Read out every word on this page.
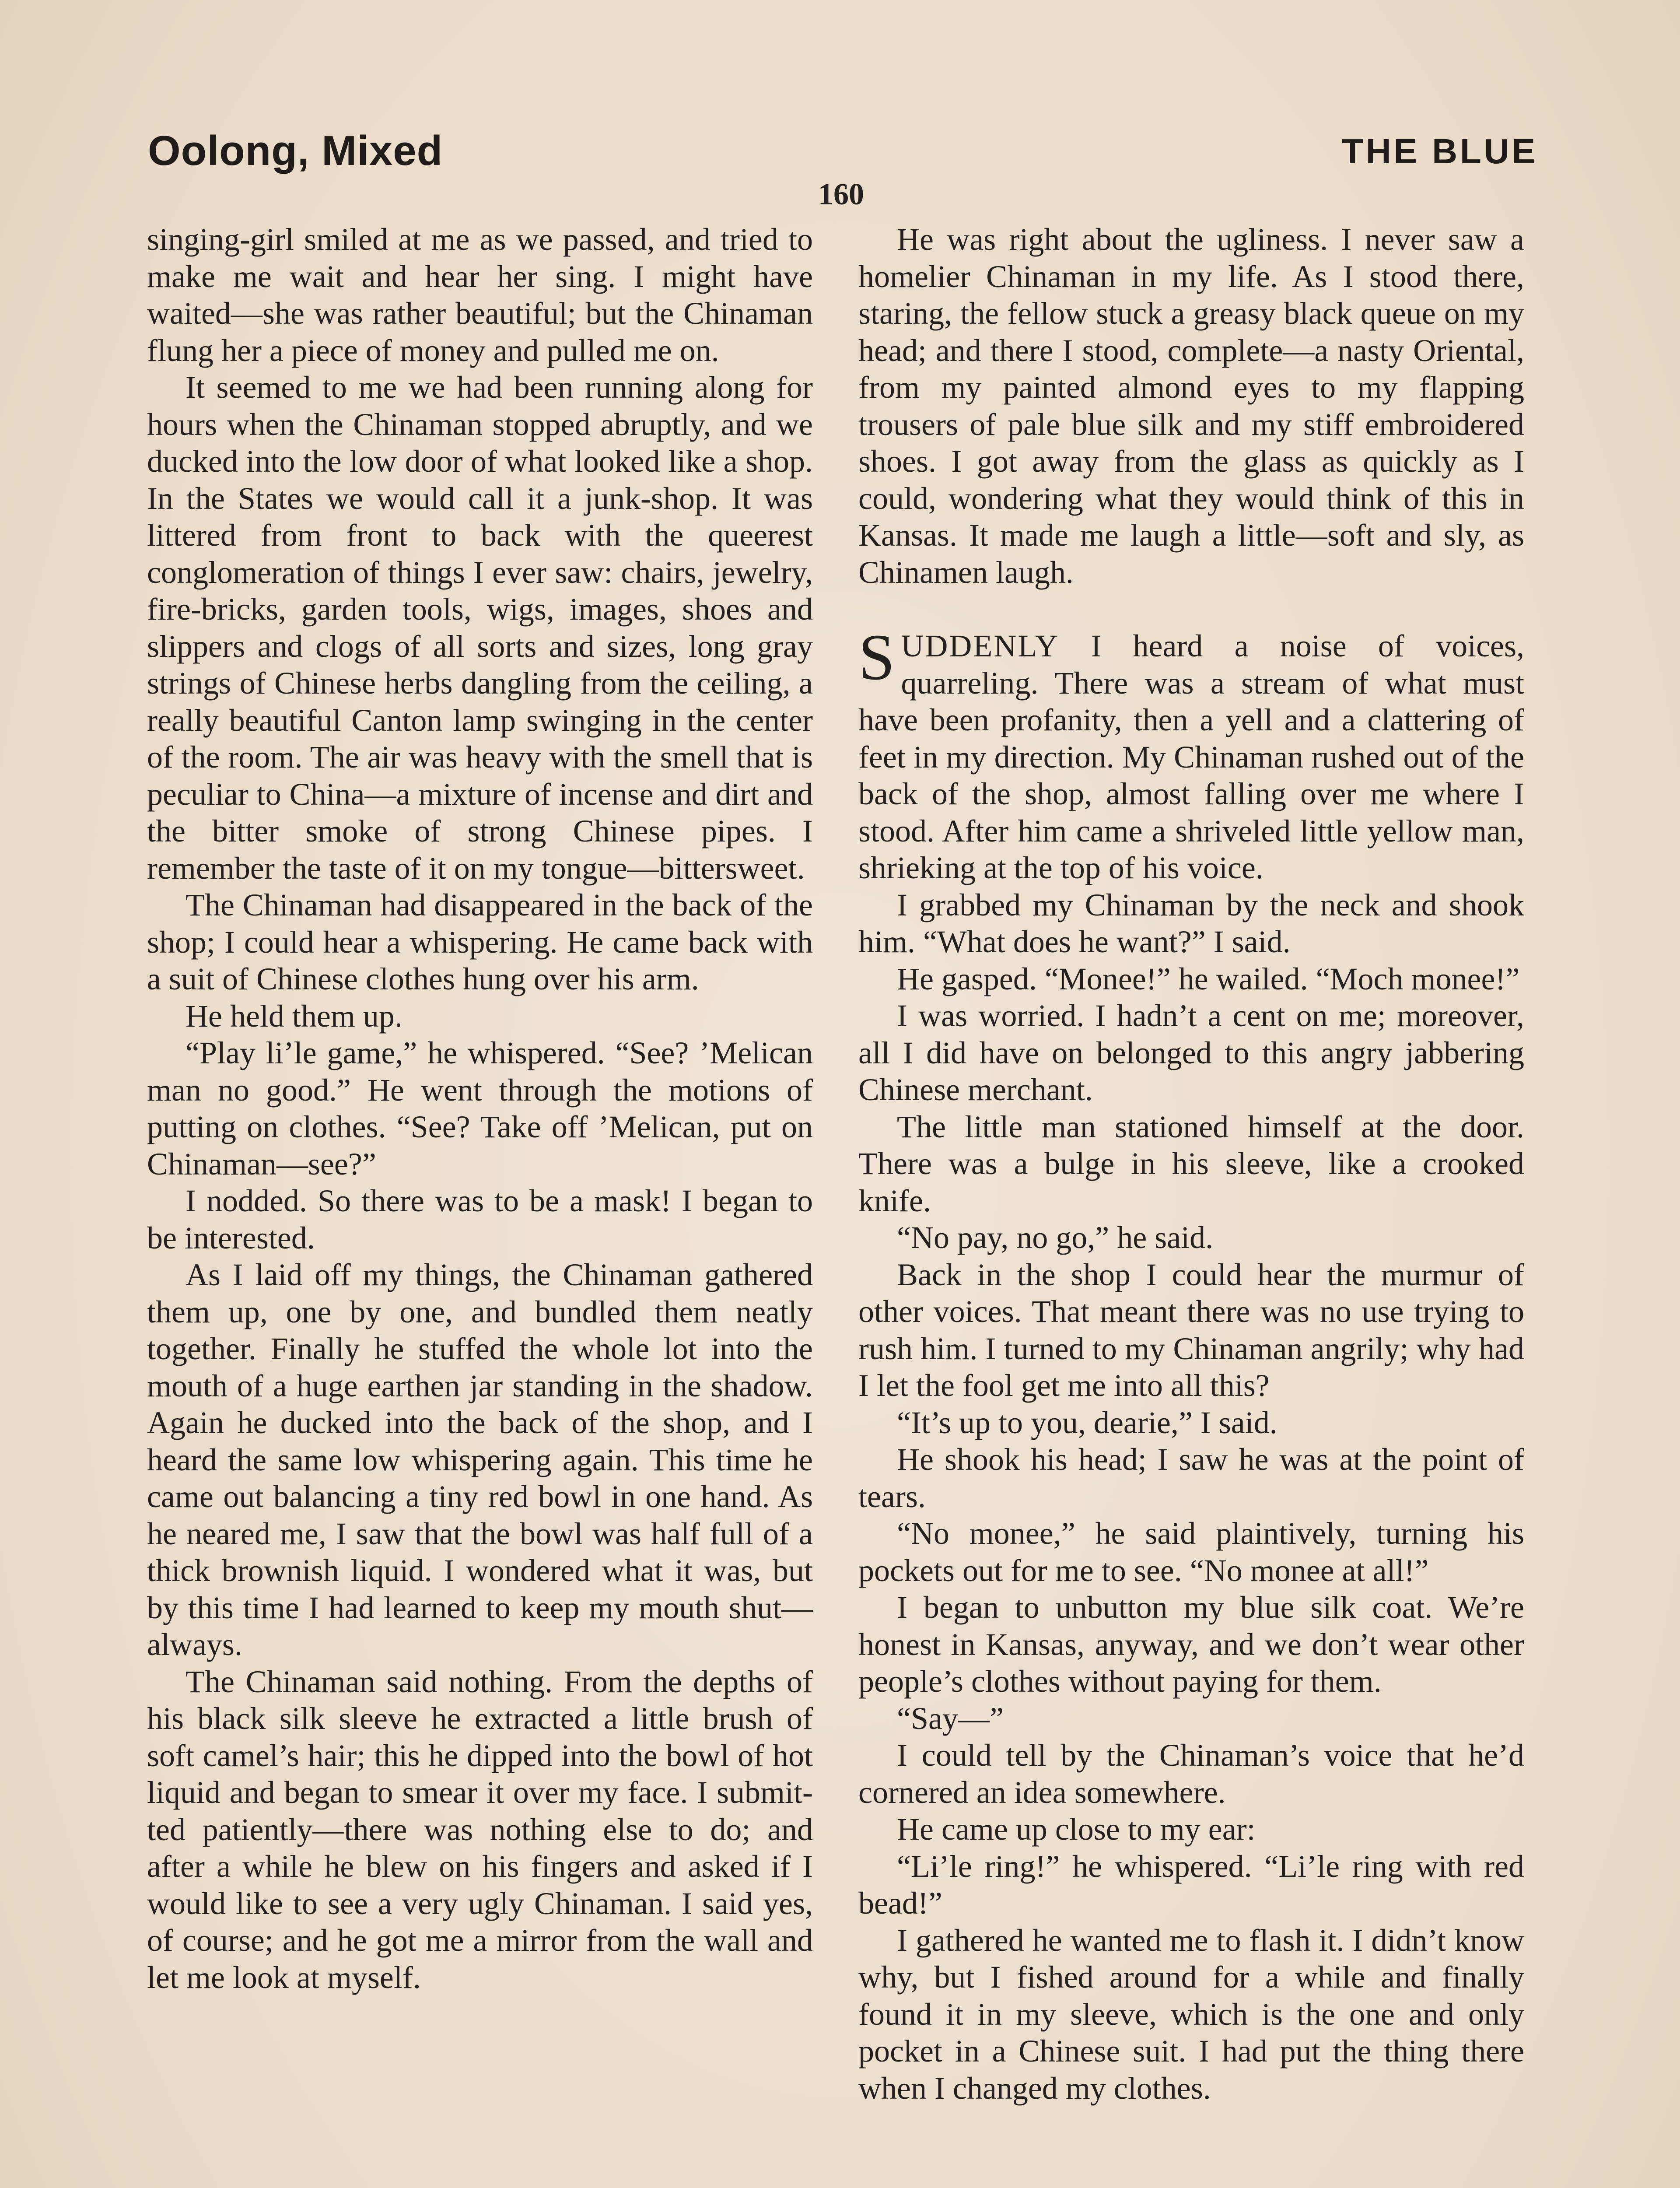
Oolong, Mixed	THE BLUE
160

singing-girl smiled at me as we passed, and tried to make me wait and hear her sing. I might have waited—she was rather beautiful; but the Chinaman flung her a piece of money and pulled me on.

It seemed to me we had been running along for hours when the Chinaman stopped abruptly, and we ducked into the low door of what looked like a shop. In the States we would call it a junk-shop. It was littered from front to back with the queerest conglomeration of things I ever saw: chairs, jewelry, fire-bricks, garden tools, wigs, images, shoes and slippers and clogs of all sorts and sizes, long gray strings of Chinese herbs dangling from the ceiling, a really beautiful Canton lamp swinging in the center of the room. The air was heavy with the smell that is peculiar to China—a mixture of incense and dirt and the bitter smoke of strong Chinese pipes. I remember the taste of it on my tongue—bittersweet.

The Chinaman had disappeared in the back of the shop; I could hear a whispering. He came back with a suit of Chinese clothes hung over his arm.

He held them up.

“Play li’le game,” he whispered. “See? ’Melican man no good.” He went through the motions of putting on clothes. “See? Take off ’Melican, put on Chinaman—see?”

I nodded. So there was to be a mask! I began to be interested.

As I laid off my things, the Chinaman gathered them up, one by one, and bundled them neatly together. Finally he stuffed the whole lot into the mouth of a huge earthen jar standing in the shadow. Again he ducked into the back of the shop, and I heard the same low whispering again. This time he came out balancing a tiny red bowl in one hand. As he neared me, I saw that the bowl was half full of a thick brownish liquid. I wondered what it was, but by this time I had learned to keep my mouth shut—always.

The Chinaman said nothing. From the depths of his black silk sleeve he extracted a little brush of soft camel’s hair; this he dipped into the bowl of hot liquid and began to smear it over my face. I submitted patiently—there was nothing else to do; and after a while he blew on his fingers and asked if I would like to see a very ugly Chinaman. I said yes, of course; and he got me a mirror from the wall and let me look at myself.

He was right about the ugliness. I never saw a homelier Chinaman in my life. As I stood there, staring, the fellow stuck a greasy black queue on my head; and there I stood, complete—a nasty Oriental, from my painted almond eyes to my flapping trousers of pale blue silk and my stiff embroidered shoes. I got away from the glass as quickly as I could, wondering what they would think of this in Kansas. It made me laugh a little—soft and sly, as Chinamen laugh.

SUDDENLY I heard a noise of voices, quarreling. There was a stream of what must have been profanity, then a yell and a clattering of feet in my direction. My Chinaman rushed out of the back of the shop, almost falling over me where I stood. After him came a shriveled little yellow man, shrieking at the top of his voice.

I grabbed my Chinaman by the neck and shook him. “What does he want?” I said.

He gasped. “Monee!” he wailed. “Moch monee!”

I was worried. I hadn’t a cent on me; moreover, all I did have on belonged to this angry jabbering Chinese merchant.

The little man stationed himself at the door. There was a bulge in his sleeve, like a crooked knife.

“No pay, no go,” he said.

Back in the shop I could hear the murmur of other voices. That meant there was no use trying to rush him. I turned to my Chinaman angrily; why had I let the fool get me into all this?

“It’s up to you, dearie,” I said.

He shook his head; I saw he was at the point of tears.

“No monee,” he said plaintively, turning his pockets out for me to see. “No monee at all!”

I began to unbutton my blue silk coat. We’re honest in Kansas, anyway, and we don’t wear other people’s clothes without paying for them.

“Say—”

I could tell by the Chinaman’s voice that he’d cornered an idea somewhere.

He came up close to my ear:

“Li’le ring!” he whispered. “Li’le ring with red bead!”

I gathered he wanted me to flash it. I didn’t know why, but I fished around for a while and finally found it in my sleeve, which is the one and only pocket in a Chinese suit. I had put the thing there when I changed my clothes.
